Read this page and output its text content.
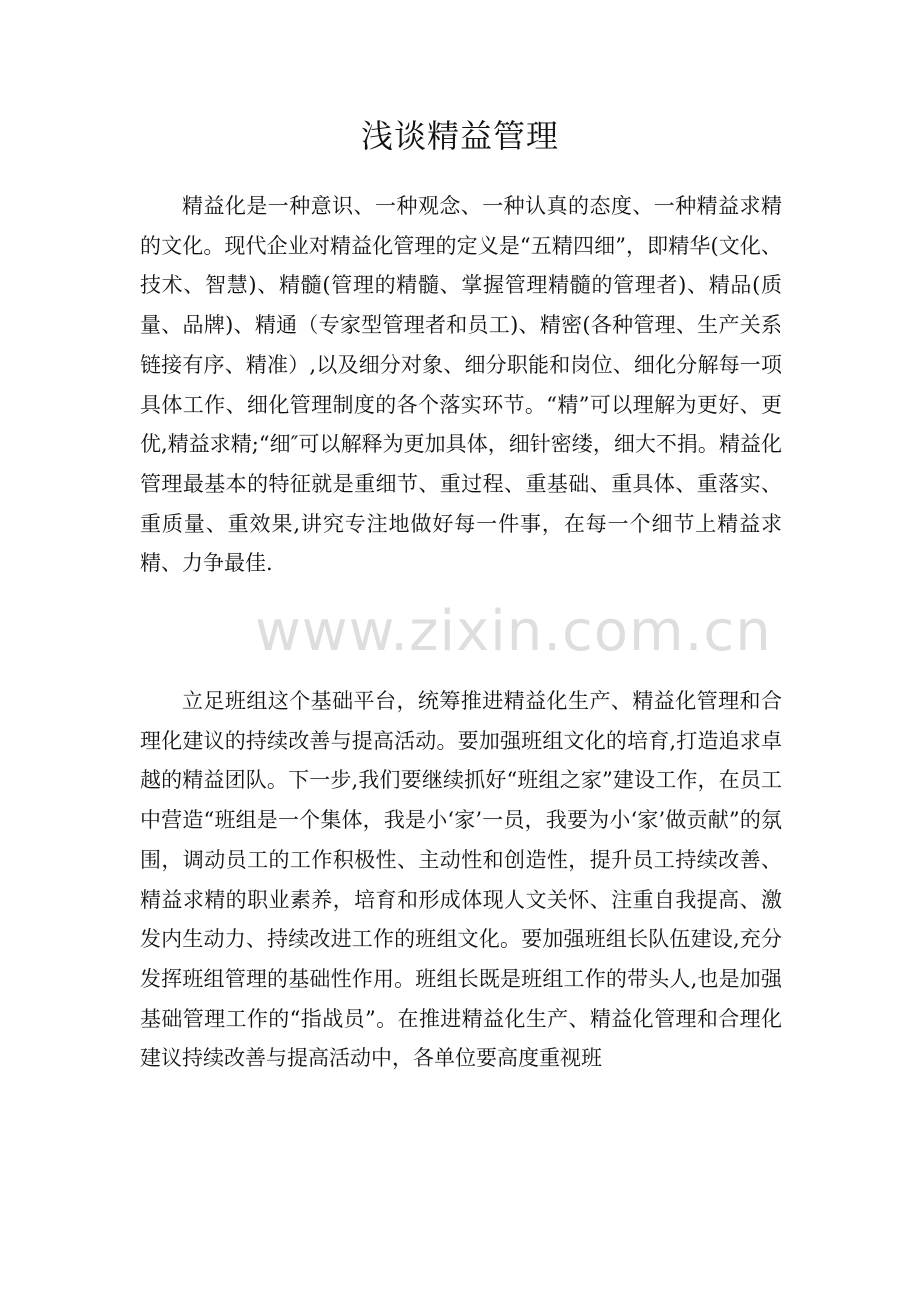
浅谈精益管理

精益化是一种意识、一种观念、一种认真的态度、一种精益求精的文化。现代企业对精益化管理的定义是“五精四细”，即精华(文化、技术、智慧)、精髓(管理的精髓、掌握管理精髓的管理者)、精品(质量、品牌)、精通（专家型管理者和员工)、精密(各种管理、生产关系链接有序、精准）,以及细分对象、细分职能和岗位、细化分解每一项具体工作、细化管理制度的各个落实环节。“精”可以理解为更好、更优,精益求精;“细″可以解释为更加具体，细针密缕，细大不捐。精益化管理最基本的特征就是重细节、重过程、重基础、重具体、重落实、重质量、重效果,讲究专注地做好每一件事，在每一个细节上精益求精、力争最佳.

立足班组这个基础平台，统筹推进精益化生产、精益化管理和合理化建议的持续改善与提高活动。要加强班组文化的培育,打造追求卓越的精益团队。下一步,我们要继续抓好“班组之家”建设工作，在员工中营造“班组是一个集体，我是小‘家’一员，我要为小‘家’做贡献”的氛围，调动员工的工作积极性、主动性和创造性，提升员工持续改善、精益求精的职业素养，培育和形成体现人文关怀、注重自我提高、激发内生动力、持续改进工作的班组文化。要加强班组长队伍建设,充分发挥班组管理的基础性作用。班组长既是班组工作的带头人,也是加强基础管理工作的“指战员”。在推进精益化生产、精益化管理和合理化建议持续改善与提高活动中，各单位要高度重视班

www.zixin.com.cn
